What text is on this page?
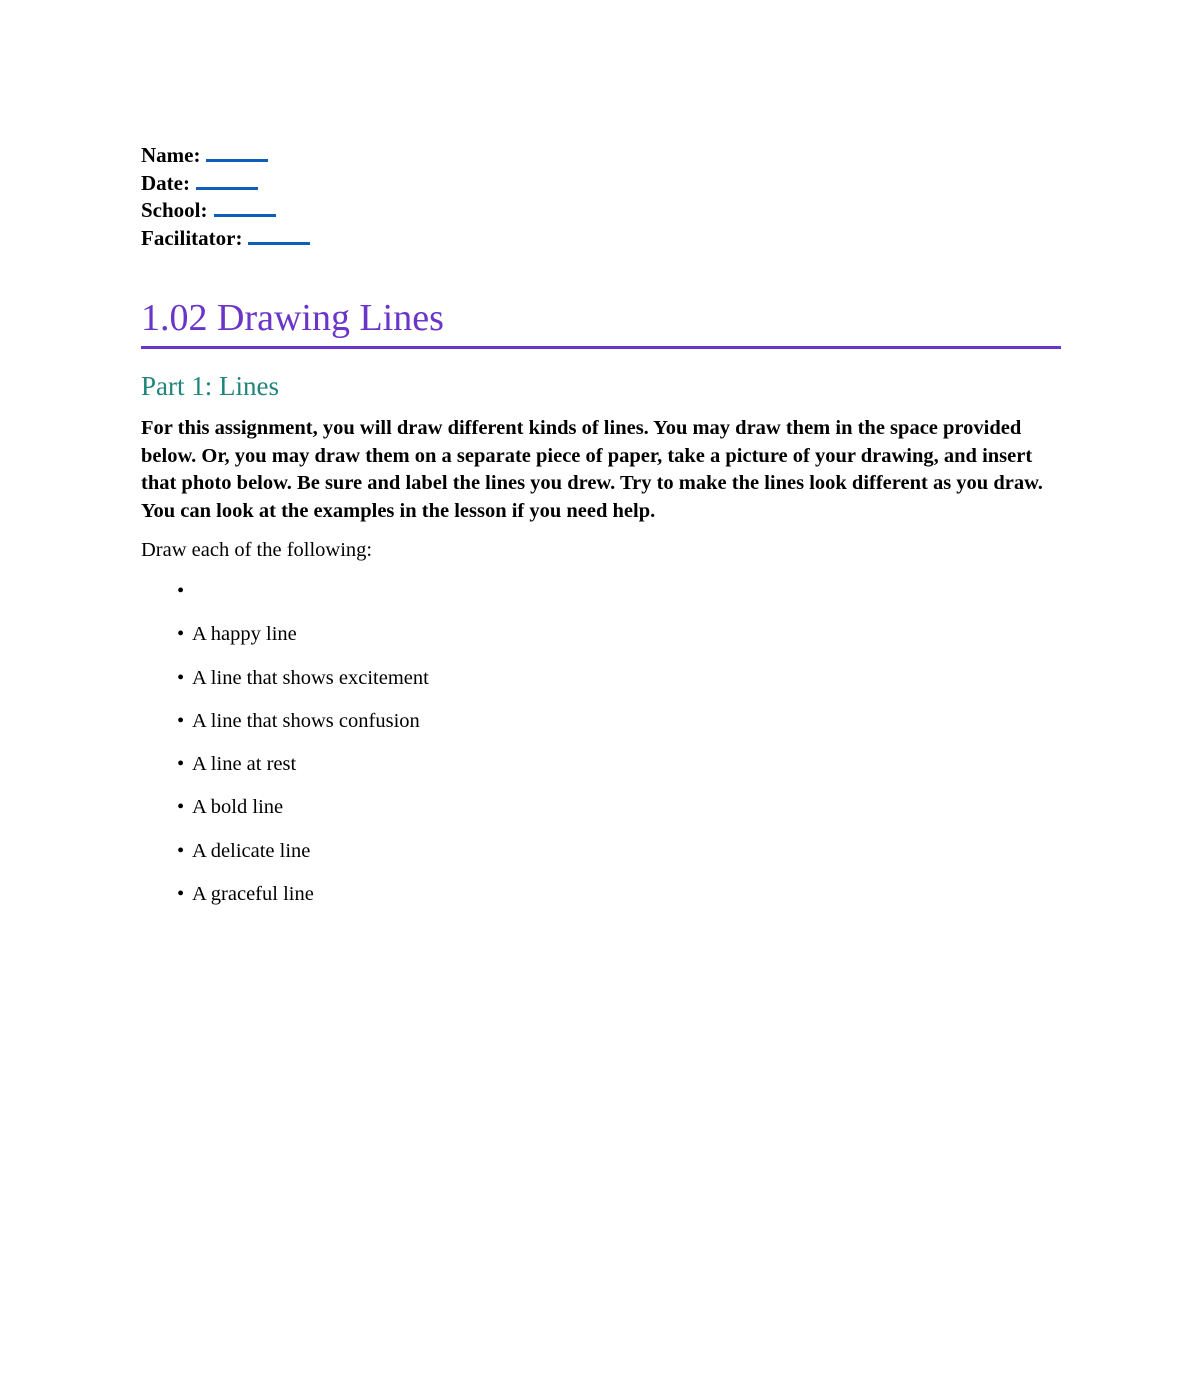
Name:
Date:
School:
Facilitator:
1.02 Drawing Lines
Part 1: Lines

For this assignment, you will draw different kinds of lines. You may draw them in the space provided below. Or, you may draw them on a separate piece of paper, take a picture of your drawing, and insert that photo below. Be sure and label the lines you drew. Try to make the lines look different as you draw. You can look at the examples in the lesson if you need help.

Draw each of the following:

•
• A happy line
• A line that shows excitement
• A line that shows confusion
• A line at rest
• A bold line
• A delicate line
• A graceful line
